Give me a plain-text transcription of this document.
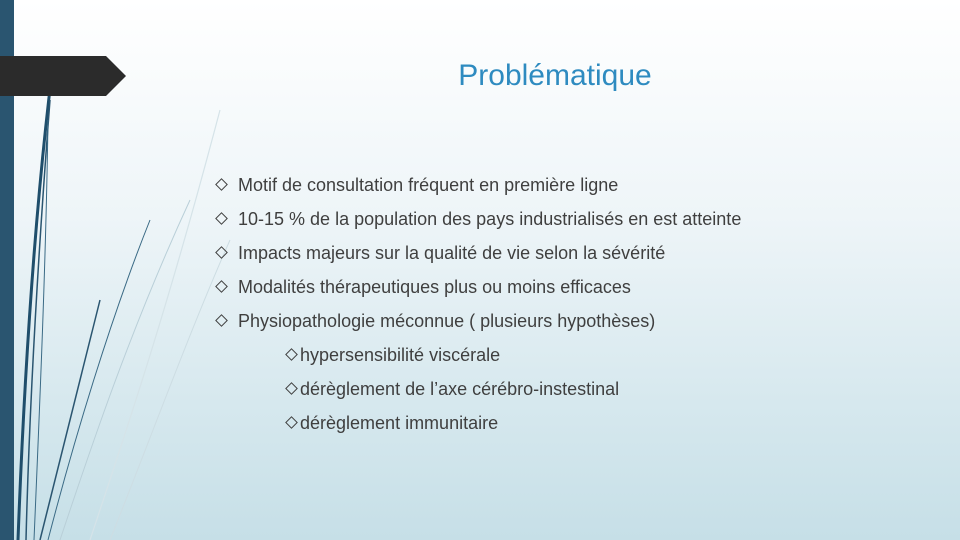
Problématique
Motif de consultation fréquent en première ligne
10-15 % de la population des pays industrialisés en est atteinte
Impacts majeurs sur la qualité de vie selon la sévérité
Modalités thérapeutiques plus ou moins efficaces
Physiopathologie méconnue ( plusieurs hypothèses)
hypersensibilité viscérale
dérèglement de l’axe cérébro-instestinal
dérèglement immunitaire
